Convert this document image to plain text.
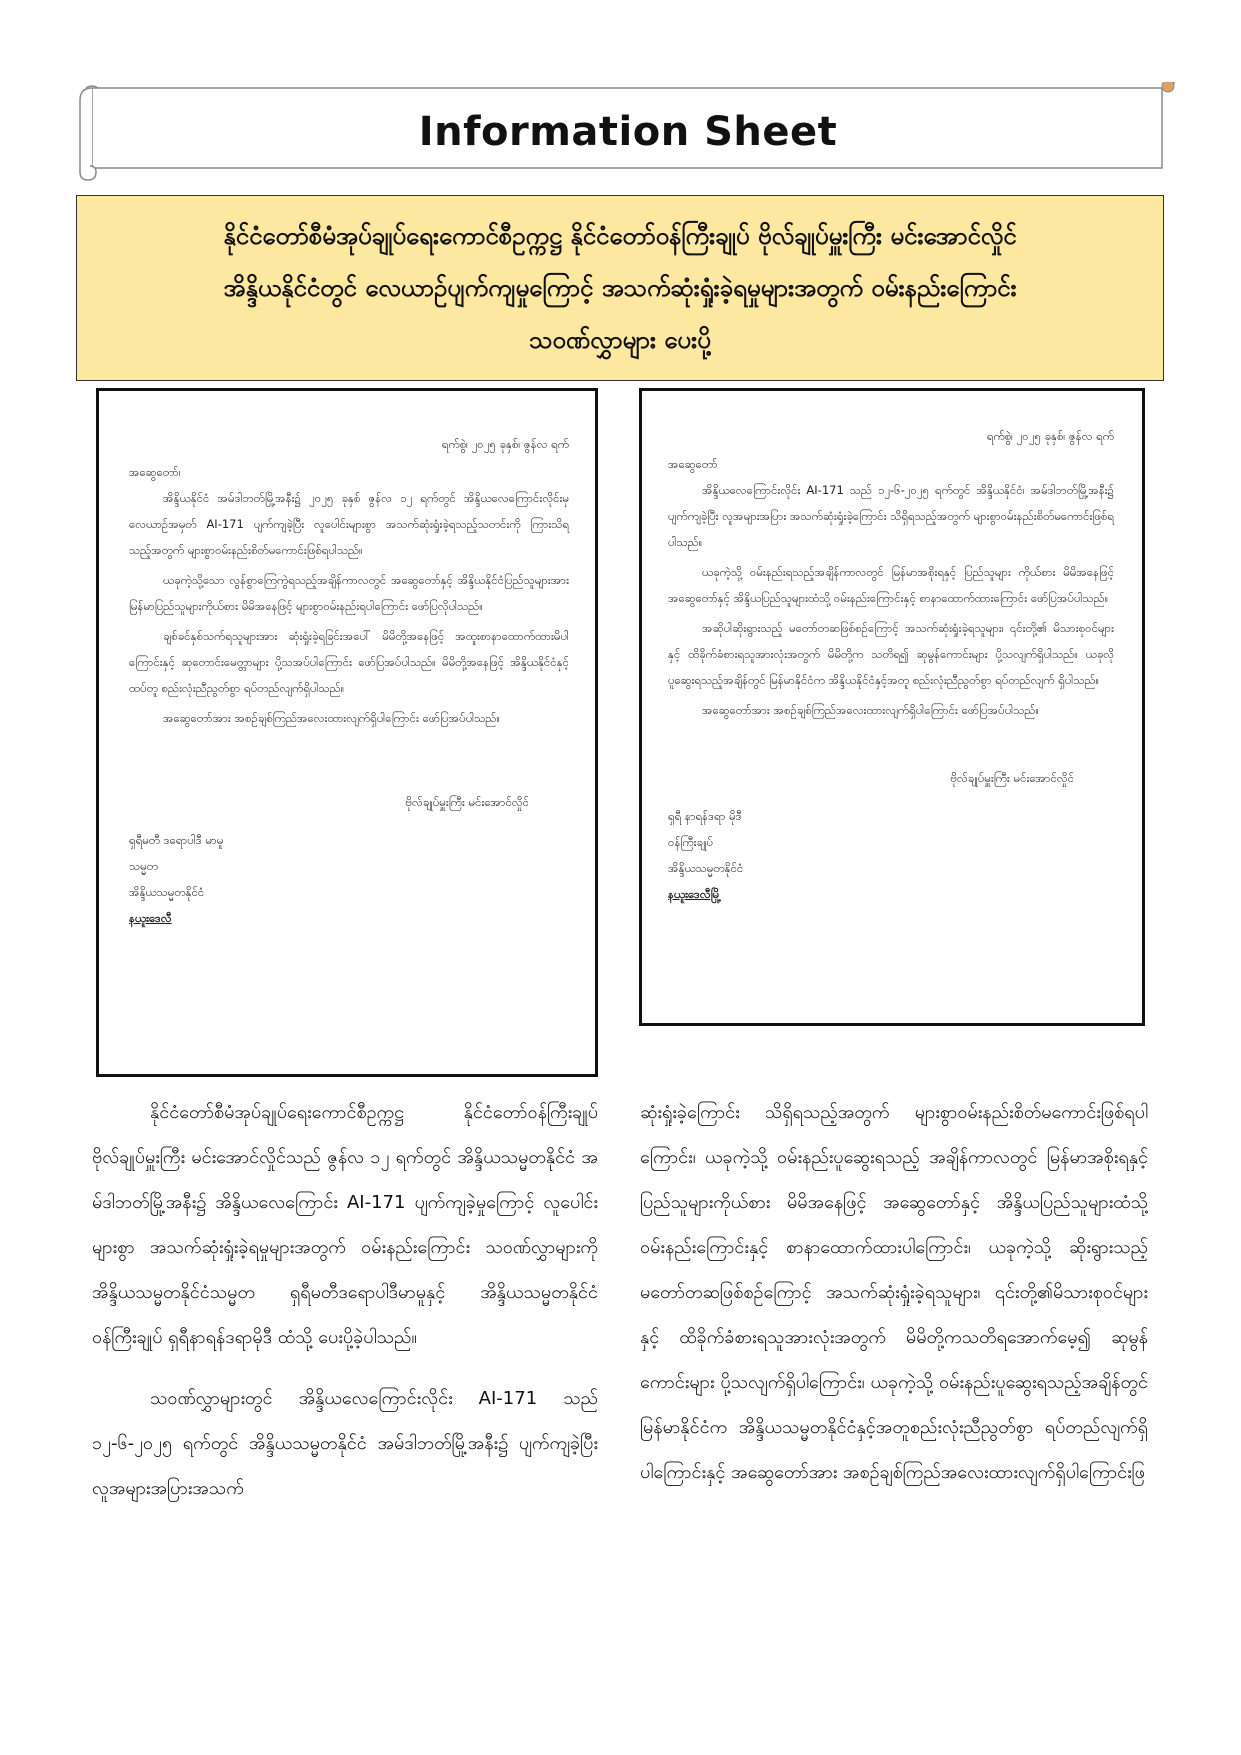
Information Sheet
နိုင်ငံတော်စီမံအုပ်ချုပ်ရေးကောင်စီဥက္ကဋ္ဌ နိုင်ငံတော်ဝန်ကြီးချုပ် ဗိုလ်ချုပ်မှူးကြီး မင်းအောင်လှိုင်
အိန္ဒိယနိုင်ငံတွင် လေယာဉ်ပျက်ကျမှုကြောင့် အသက်ဆုံးရှုံးခဲ့ရမှုများအတွက် ဝမ်းနည်းကြောင်း
သဝဏ်လွှာများ ပေးပို့
ရက်စွဲ၊ ၂၀၂၅ ခုနှစ်၊ ဇွန်လ ရက်
အဆွေတော်၊

အိန္ဒိယနိုင်ငံ အမ်ဒါဘတ်မြို့အနီး၌ ၂၀၂၅ ခုနှစ် ဇွန်လ ၁၂ ရက်တွင် အိန္ဒိယလေကြောင်းလိုင်းမှ လေယာဉ်အမှတ် AI-171 ပျက်ကျခဲ့ပြီး လူပေါင်းများစွာ အသက်ဆုံးရှုံးခဲ့ရသည့်သတင်းကို ကြားသိရသည့်အတွက် များစွာဝမ်းနည်းစိတ်မကောင်းဖြစ်ရပါသည်။

ယခုကဲ့သို့သော လွန်စွာကြေကွဲရသည့်အချိန်ကာလတွင် အဆွေတော်နှင့် အိန္ဒိယနိုင်ငံပြည်သူများအား မြန်မာပြည်သူများကိုယ်စား မိမိအနေဖြင့် များစွာဝမ်းနည်းရပါကြောင်း ဖော်ပြလိုပါသည်။

ချစ်ခင်နှစ်သက်ရသူများအား ဆုံးရှုံးခဲ့ရခြင်းအပေါ် မိမိတို့အနေဖြင့် အထူးစာနာထောက်ထားမိပါကြောင်းနှင့် ဆုတောင်းမေတ္တာများ ပို့သအပ်ပါကြောင်း ဖော်ပြအပ်ပါသည်။ မိမိတို့အနေဖြင့် အိန္ဒိယနိုင်ငံနှင့်ထပ်တူ စည်းလုံးညီညွတ်စွာ ရပ်တည်လျက်ရှိပါသည်။

အဆွေတော်အား အစဉ်ချစ်ကြည်အလေးထားလျက်ရှိပါကြောင်း ဖော်ပြအပ်ပါသည်။

ဗိုလ်ချုပ်မှူးကြီး မင်းအောင်လှိုင်
ရှရီမတီ ဒရောပါဒီ မာမူ
သမ္မတ
အိန္ဒိယသမ္မတနိုင်ငံ
နယူးဒေလီ
ရက်စွဲ၊ ၂၀၂၅ ခုနှစ်၊ ဇွန်လ ရက်
အဆွေတော်

အိန္ဒိယလေကြောင်းလိုင်း AI-171 သည် ၁၂-၆-၂၀၂၅ ရက်တွင် အိန္ဒိယနိုင်ငံ၊ အမ်ဒါဘတ်မြို့အနီး၌ ပျက်ကျခဲ့ပြီး လူအများအပြား အသက်ဆုံးရှုံးခဲ့ကြောင်း သိရှိရသည့်အတွက် များစွာဝမ်းနည်းစိတ်မကောင်းဖြစ်ရပါသည်။

ယခုကဲ့သို့ ဝမ်းနည်းရသည့်အချိန်ကာလတွင် မြန်မာအစိုးရနှင့် ပြည်သူများ ကိုယ်စား မိမိအနေဖြင့် အဆွေတော်နှင့် အိန္ဒိယပြည်သူများထံသို့ ဝမ်းနည်းကြောင်းနှင့် စာနာထောက်ထားကြောင်း ဖော်ပြအပ်ပါသည်။

အဆိုပါဆိုးရွားသည့် မတော်တဆဖြစ်စဉ်ကြောင့် အသက်ဆုံးရှုံးခဲ့ရသူများ၊ ၎င်းတို့၏ မိသားစုဝင်များနှင့် ထိခိုက်ခံစားရသူအားလုံးအတွက် မိမိတို့က သတိရ၍ ဆုမွန်ကောင်းများ ပို့သလျက်ရှိပါသည်။ ယခုလို ပူဆွေးရသည့်အချိန်တွင် မြန်မာနိုင်ငံက အိန္ဒိယနိုင်ငံနှင့်အတူ စည်းလုံးညီညွတ်စွာ ရပ်တည်လျက် ရှိပါသည်။

အဆွေတော်အား အစဉ်ချစ်ကြည်အလေးထားလျက်ရှိပါကြောင်း ဖော်ပြအပ်ပါသည်။

ဗိုလ်ချုပ်မှူးကြီး မင်းအောင်လှိုင်
ရှရီ နာရန်ဒရာ မိုဒီ
ဝန်ကြီးချုပ်
အိန္ဒိယသမ္မတနိုင်ငံ
နယူးဒေလီမြို့

နိုင်ငံတော်စီမံအုပ်ချုပ်ရေးကောင်စီဥက္ကဋ္ဌ နိုင်ငံတော်ဝန်ကြီးချုပ် ဗိုလ်ချုပ်မှူးကြီး မင်းအောင်လှိုင်သည် ဇွန်လ ၁၂ ရက်တွင် အိန္ဒိယသမ္မတနိုင်ငံ အမ်ဒါဘတ်မြို့အနီး၌ အိန္ဒိယလေကြောင်း AI-171 ပျက်ကျခဲ့မှုကြောင့် လူပေါင်းများစွာ အသက်ဆုံးရှုံးခဲ့ရမှုများအတွက် ဝမ်းနည်းကြောင်း သဝဏ်လွှာများကို အိန္ဒိယသမ္မတနိုင်ငံသမ္မတ ရှရီမတီဒရောပါဒီမာမူနှင့် အိန္ဒိယသမ္မတနိုင်ငံ ဝန်ကြီးချုပ် ရှရီနာရန်ဒရာမိုဒီ ထံသို့ ပေးပို့ခဲ့ပါသည်။

သဝဏ်လွှာများတွင် အိန္ဒိယလေကြောင်းလိုင်း AI-171 သည် ၁၂-၆-၂၀၂၅ ရက်တွင် အိန္ဒိယသမ္မတနိုင်ငံ အမ်ဒါဘတ်မြို့အနီး၌ ပျက်ကျခဲ့ပြီး လူအများအပြားအသက်

ဆုံးရှုံးခဲ့ကြောင်း သိရှိရသည့်အတွက် များစွာဝမ်းနည်းစိတ်မကောင်းဖြစ်ရပါကြောင်း၊ ယခုကဲ့သို့ ဝမ်းနည်းပူဆွေးရသည့် အချိန်ကာလတွင် မြန်မာအစိုးရနှင့် ပြည်သူများကိုယ်စား မိမိအနေဖြင့် အဆွေတော်နှင့် အိန္ဒိယပြည်သူများထံသို့ ဝမ်းနည်းကြောင်းနှင့် စာနာထောက်ထားပါကြောင်း၊ ယခုကဲ့သို့ ဆိုးရွားသည့် မတော်တဆဖြစ်စဉ်ကြောင့် အသက်ဆုံးရှုံးခဲ့ရသူများ၊ ၎င်းတို့၏မိသားစုဝင်များနှင့် ထိခိုက်ခံစားရသူအားလုံးအတွက် မိမိတို့ကသတိရအောက်မေ့၍ ဆုမွန်ကောင်းများ ပို့သလျက်ရှိပါကြောင်း၊ ယခုကဲ့သို့ ဝမ်းနည်းပူဆွေးရသည့်အချိန်တွင် မြန်မာနိုင်ငံက အိန္ဒိယသမ္မတနိုင်ငံနှင့်အတူစည်းလုံးညီညွတ်စွာ ရပ်တည်လျက်ရှိပါကြောင်းနှင့် အဆွေတော်အား အစဉ်ချစ်ကြည်အလေးထားလျက်ရှိပါကြောင်းဖြ
